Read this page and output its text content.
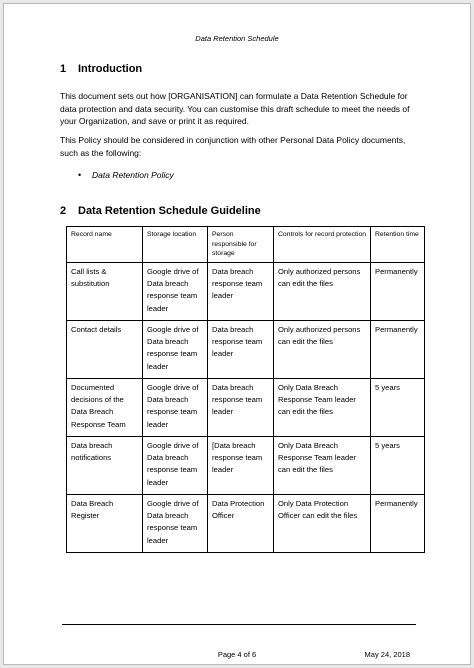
Data Retention Schedule
1 Introduction
This document sets out how [ORGANISATION] can formulate a Data Retention Schedule for data protection and data security. You can customise this draft schedule to meet the needs of your Organization, and save or print it as required.
This Policy should be considered in conjunction with other Personal Data Policy documents, such as the following:
• Data Retention Policy
2 Data Retention Schedule Guideline
Record name	Storage location	Person responsible for storage	Controls for record protection	Retention time
Call lists & substitution	Google drive of Data breach response team leader	Data breach response team leader	Only authorized persons can edit the files	Permanently
Contact details	Google drive of Data breach response team leader	Data breach response team leader	Only authorized persons can edit the files	Permanently
Documented decisions of the Data Breach Response Team	Google drive of Data breach response team leader	Data breach response team leader	Only Data Breach Response Team leader can edit the files	5 years
Data breach notifications	Google drive of Data breach response team leader	[Data breach response team leader	Only Data Breach Response Team leader can edit the files	5 years
Data Breach Register	Google drive of Data breach response team leader	Data Protection Officer	Only Data Protection Officer can edit the files	Permanently
Page 4 of 6	May 24, 2018
